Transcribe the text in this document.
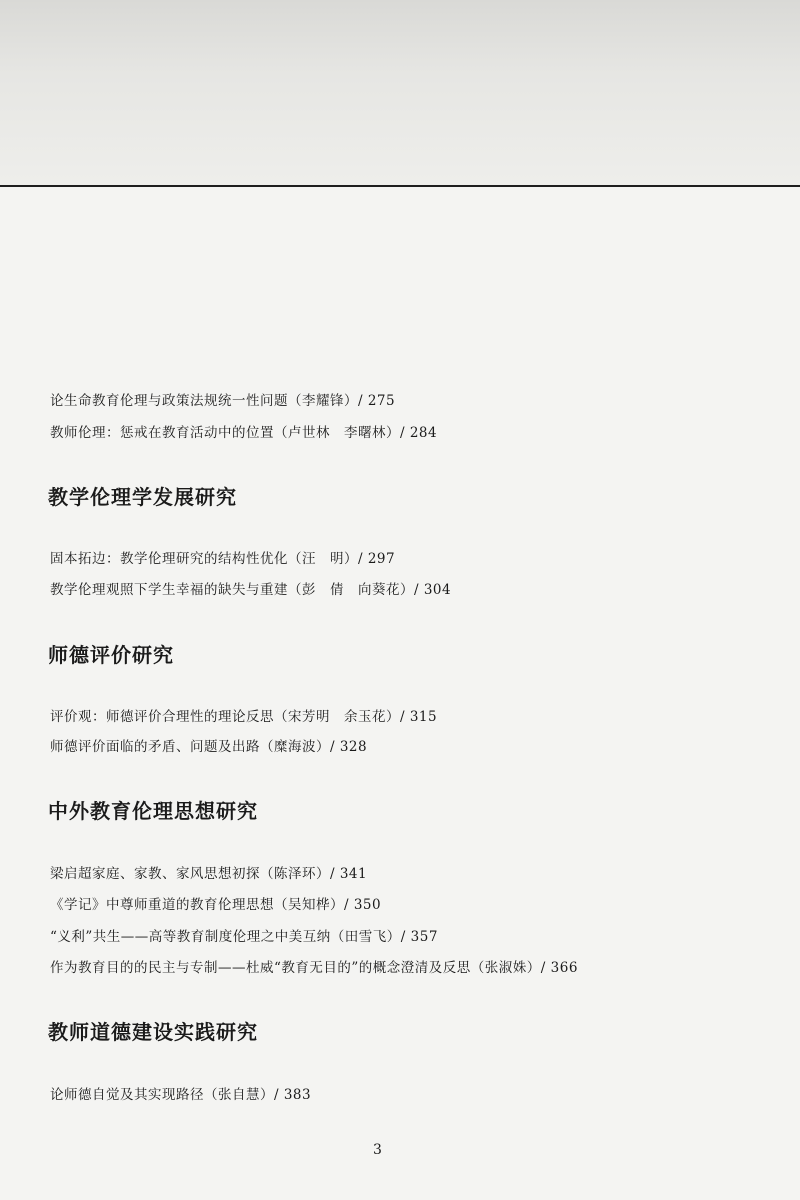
论生命教育伦理与政策法规统一性问题（李耀锋）/ 275
教师伦理：惩戒在教育活动中的位置（卢世林　李曙林）/ 284
教学伦理学发展研究
固本拓边：教学伦理研究的结构性优化（汪　明）/ 297
教学伦理观照下学生幸福的缺失与重建（彭　倩　向葵花）/ 304
师德评价研究
评价观：师德评价合理性的理论反思（宋芳明　余玉花）/ 315
师德评价面临的矛盾、问题及出路（糜海波）/ 328
中外教育伦理思想研究
梁启超家庭、家教、家风思想初探（陈泽环）/ 341
《学记》中尊师重道的教育伦理思想（吴知桦）/ 350
“义利”共生——高等教育制度伦理之中美互纳（田雪飞）/ 357
作为教育目的的民主与专制——杜威“教育无目的”的概念澄清及反思（张淑姝）/ 366
教师道德建设实践研究
论师德自觉及其实现路径（张自慧）/ 383
3
